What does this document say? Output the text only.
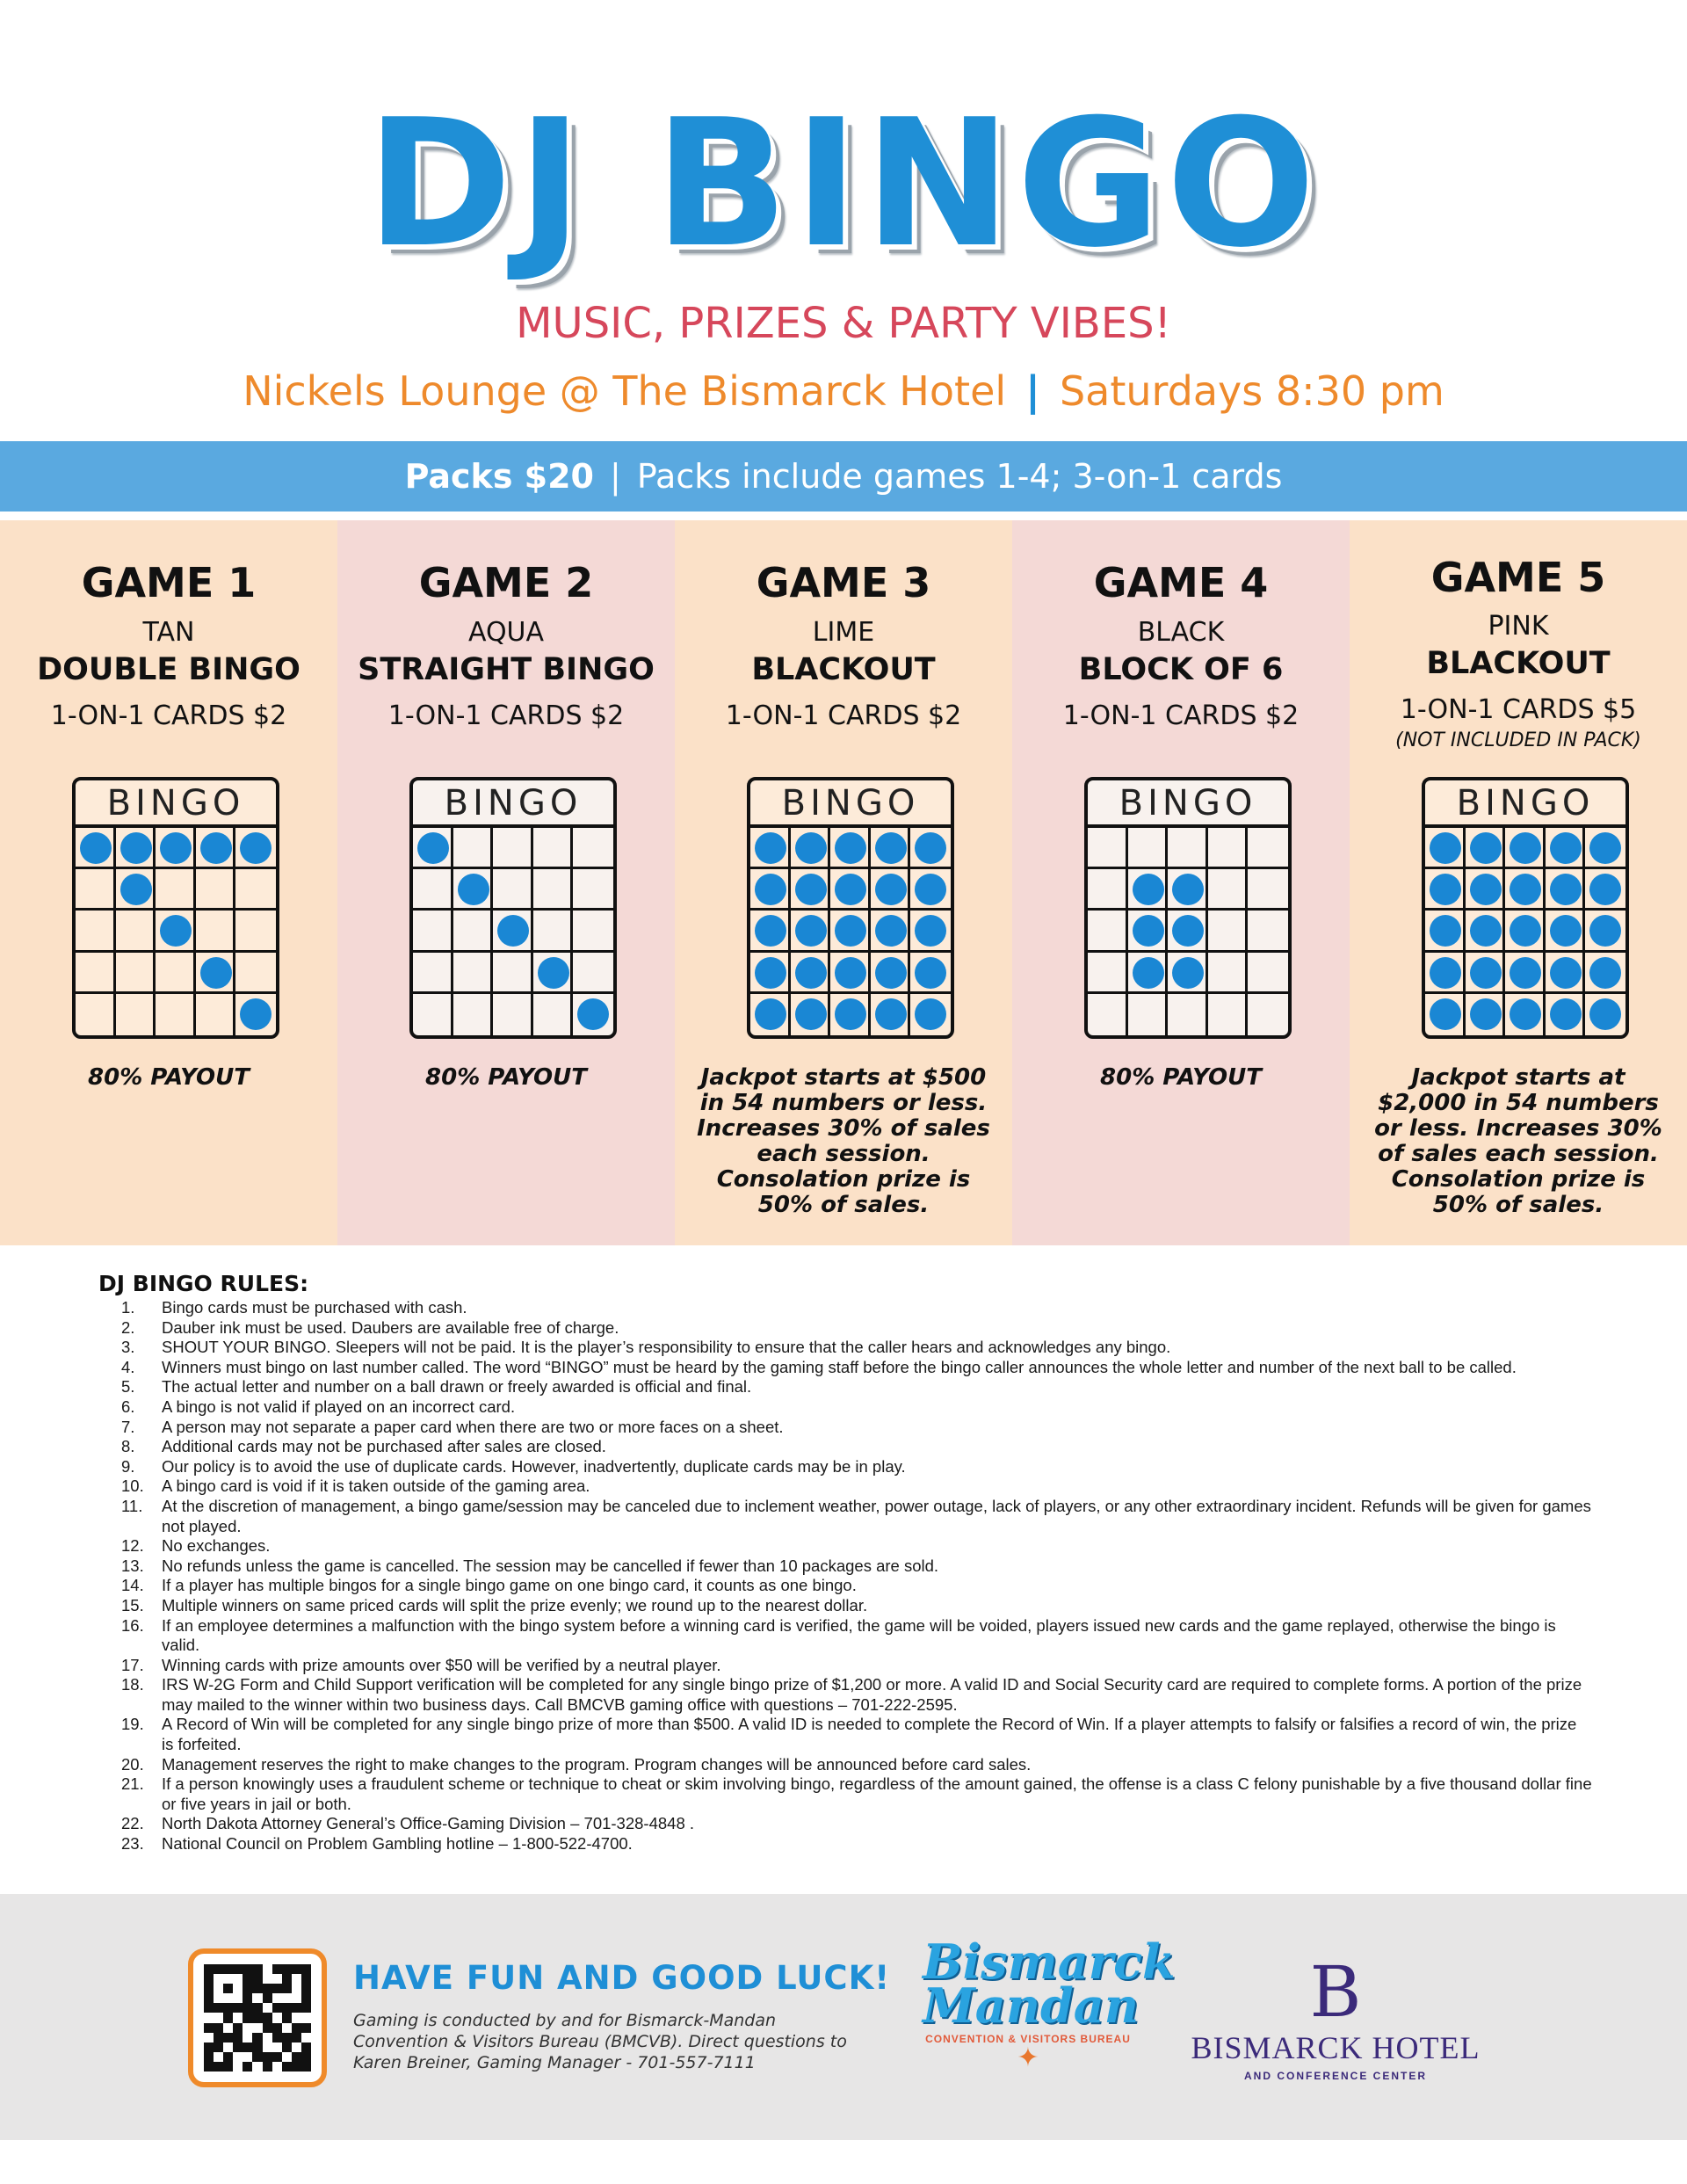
DJ BINGO
MUSIC, PRIZES & PARTY VIBES!
Nickels Lounge @ The Bismarck Hotel | Saturdays 8:30 pm
Packs $20 | Packs include games 1-4; 3-on-1 cards
GAME 1
TAN
DOUBLE BINGO
1-ON-1 CARDS $2
BINGO
80% PAYOUT
GAME 2
AQUA
STRAIGHT BINGO
1-ON-1 CARDS $2
BINGO
80% PAYOUT
GAME 3
LIME
BLACKOUT
1-ON-1 CARDS $2
BINGO
Jackpot starts at $500 in 54 numbers or less. Increases 30% of sales each session. Consolation prize is 50% of sales.
GAME 4
BLACK
BLOCK OF 6
1-ON-1 CARDS $2
BINGO
80% PAYOUT
GAME 5
PINK
BLACKOUT
1-ON-1 CARDS $5
(NOT INCLUDED IN PACK)
BINGO
Jackpot starts at $2,000 in 54 numbers or less. Increases 30% of sales each session. Consolation prize is 50% of sales.
DJ BINGO RULES:
1. Bingo cards must be purchased with cash.
2. Dauber ink must be used. Daubers are available free of charge.
3. SHOUT YOUR BINGO. Sleepers will not be paid. It is the player’s responsibility to ensure that the caller hears and acknowledges any bingo.
4. Winners must bingo on last number called. The word “BINGO” must be heard by the gaming staff before the bingo caller announces the whole letter and number of the next ball to be called.
5. The actual letter and number on a ball drawn or freely awarded is official and final.
6. A bingo is not valid if played on an incorrect card.
7. A person may not separate a paper card when there are two or more faces on a sheet.
8. Additional cards may not be purchased after sales are closed.
9. Our policy is to avoid the use of duplicate cards. However, inadvertently, duplicate cards may be in play.
10. A bingo card is void if it is taken outside of the gaming area.
11. At the discretion of management, a bingo game/session may be canceled due to inclement weather, power outage, lack of players, or any other extraordinary incident. Refunds will be given for games not played.
12. No exchanges.
13. No refunds unless the game is cancelled. The session may be cancelled if fewer than 10 packages are sold.
14. If a player has multiple bingos for a single bingo game on one bingo card, it counts as one bingo.
15. Multiple winners on same priced cards will split the prize evenly; we round up to the nearest dollar.
16. If an employee determines a malfunction with the bingo system before a winning card is verified, the game will be voided, players issued new cards and the game replayed, otherwise the bingo is valid.
17. Winning cards with prize amounts over $50 will be verified by a neutral player.
18. IRS W-2G Form and Child Support verification will be completed for any single bingo prize of $1,200 or more. A valid ID and Social Security card are required to complete forms. A portion of the prize may mailed to the winner within two business days. Call BMCVB gaming office with questions – 701-222-2595.
19. A Record of Win will be completed for any single bingo prize of more than $500. A valid ID is needed to complete the Record of Win. If a player attempts to falsify or falsifies a record of win, the prize is forfeited.
20. Management reserves the right to make changes to the program. Program changes will be announced before card sales.
21. If a person knowingly uses a fraudulent scheme or technique to cheat or skim involving bingo, regardless of the amount gained, the offense is a class C felony punishable by a five thousand dollar fine or five years in jail or both.
22. North Dakota Attorney General’s Office-Gaming Division – 701-328-4848 .
23. National Council on Problem Gambling hotline – 1-800-522-4700.
HAVE FUN AND GOOD LUCK!
Gaming is conducted by and for Bismarck-Mandan Convention & Visitors Bureau (BMCVB). Direct questions to Karen Breiner, Gaming Manager - 701-557-7111
Bismarck
Mandan
CONVENTION & VISITORS BUREAU
✦
B
BISMARCK HOTEL
AND CONFERENCE CENTER
